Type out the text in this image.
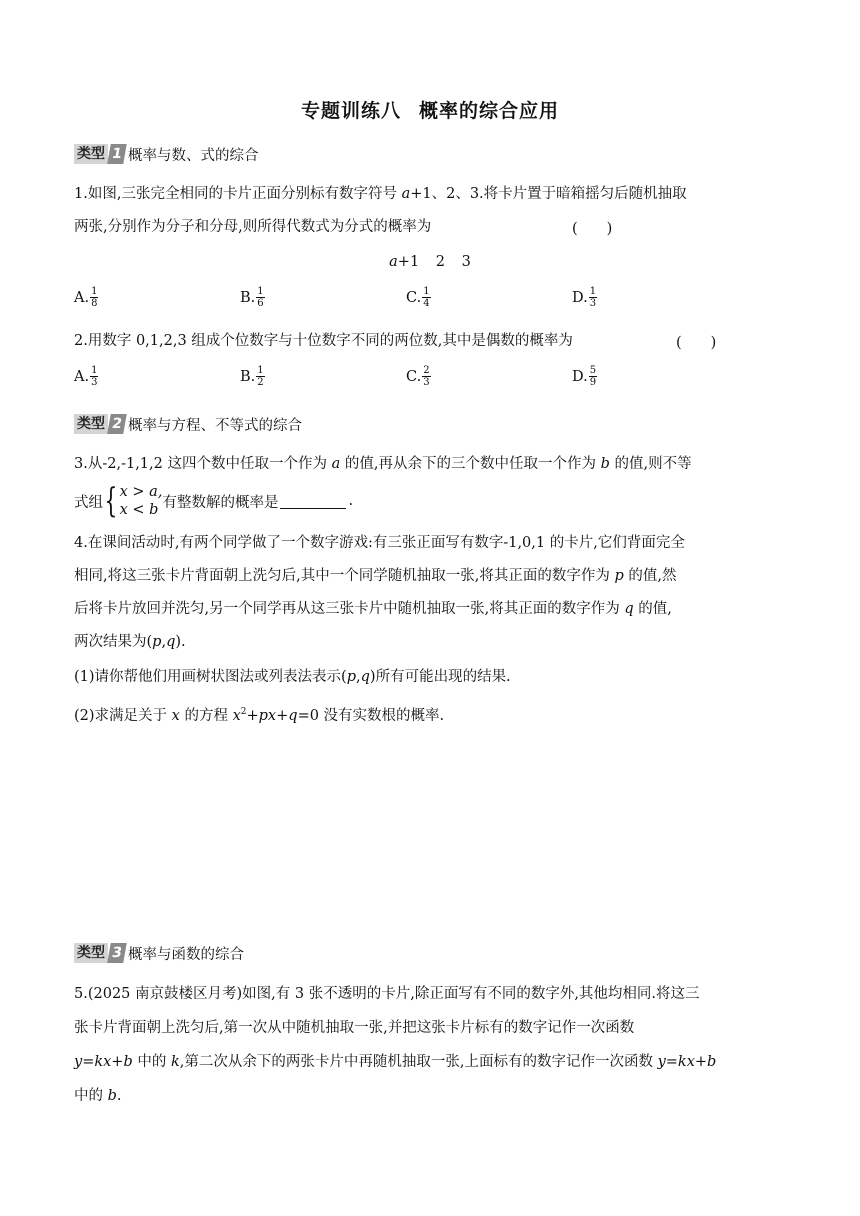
专题训练八 概率的综合应用
类型 1 概率与数、式的综合
1.如图,三张完全相同的卡片正面分别标有数字符号 a+1、2、3.将卡片置于暗箱摇匀后随机抽取
两张,分别作为分子和分母,则所得代数式为分式的概率为	(　　)
a+1 2 3
A. $\frac{1}{8}$	B. $\frac{1}{6}$	C. $\frac{1}{4}$	D. $\frac{1}{3}$
2.用数字 0,1,2,3 组成个位数字与十位数字不同的两位数,其中是偶数的概率为	(　　)
A. $\frac{1}{3}$	B. $\frac{1}{2}$	C. $\frac{2}{3}$	D. $\frac{5}{9}$
类型 2 概率与方程、不等式的综合
3.从-2,-1,1,2 这四个数中任取一个作为 a 的值,再从余下的三个数中任取一个作为 b 的值,则不等
式组 { x > a,
x < b 有整数解的概率是	.
4.在课间活动时,有两个同学做了一个数字游戏:有三张正面写有数字-1,0,1 的卡片,它们背面完全
相同,将这三张卡片背面朝上洗匀后,其中一个同学随机抽取一张,将其正面的数字作为 p 的值,然
后将卡片放回并洗匀,另一个同学再从这三张卡片中随机抽取一张,将其正面的数字作为 q 的值,
两次结果为(p,q).
(1)请你帮他们用画树状图法或列表法表示(p,q)所有可能出现的结果.
(2)求满足关于 x 的方程 $x^2+px+q=0$ 没有实数根的概率.
类型 3 概率与函数的综合
5.(2025 南京鼓楼区月考)如图,有 3 张不透明的卡片,除正面写有不同的数字外,其他均相同.将这三
张卡片背面朝上洗匀后,第一次从中随机抽取一张,并把这张卡片标有的数字记作一次函数
y=kx+b 中的 k,第二次从余下的两张卡片中再随机抽取一张,上面标有的数字记作一次函数 y=kx+b
中的 b.
